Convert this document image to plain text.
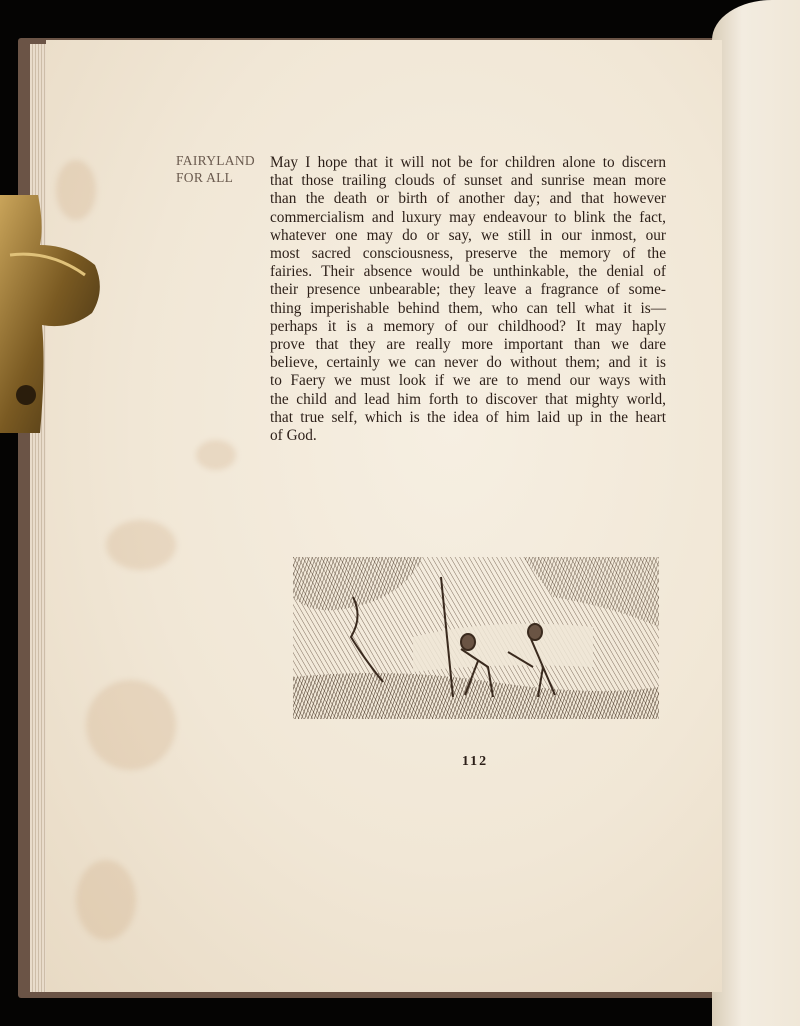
FAIRYLAND
FOR ALL
May I hope that it will not be for children alone to discern
that those trailing clouds of sunset and sunrise mean more
than the death or birth of another day; and that however
commercialism and luxury may endeavour to blink the fact,
whatever one may do or say, we still in our inmost, our
most sacred consciousness, preserve the memory of the
fairies. Their absence would be unthinkable, the denial of
their presence unbearable; they leave a fragrance of some-
thing imperishable behind them, who can tell what it is—
perhaps it is a memory of our childhood? It may haply
prove that they are really more important than we dare
believe, certainly we can never do without them; and it is
to Faery we must look if we are to mend our ways with
the child and lead him forth to discover that mighty world,
that true self, which is the idea of him laid up in the heart
of God.
112
